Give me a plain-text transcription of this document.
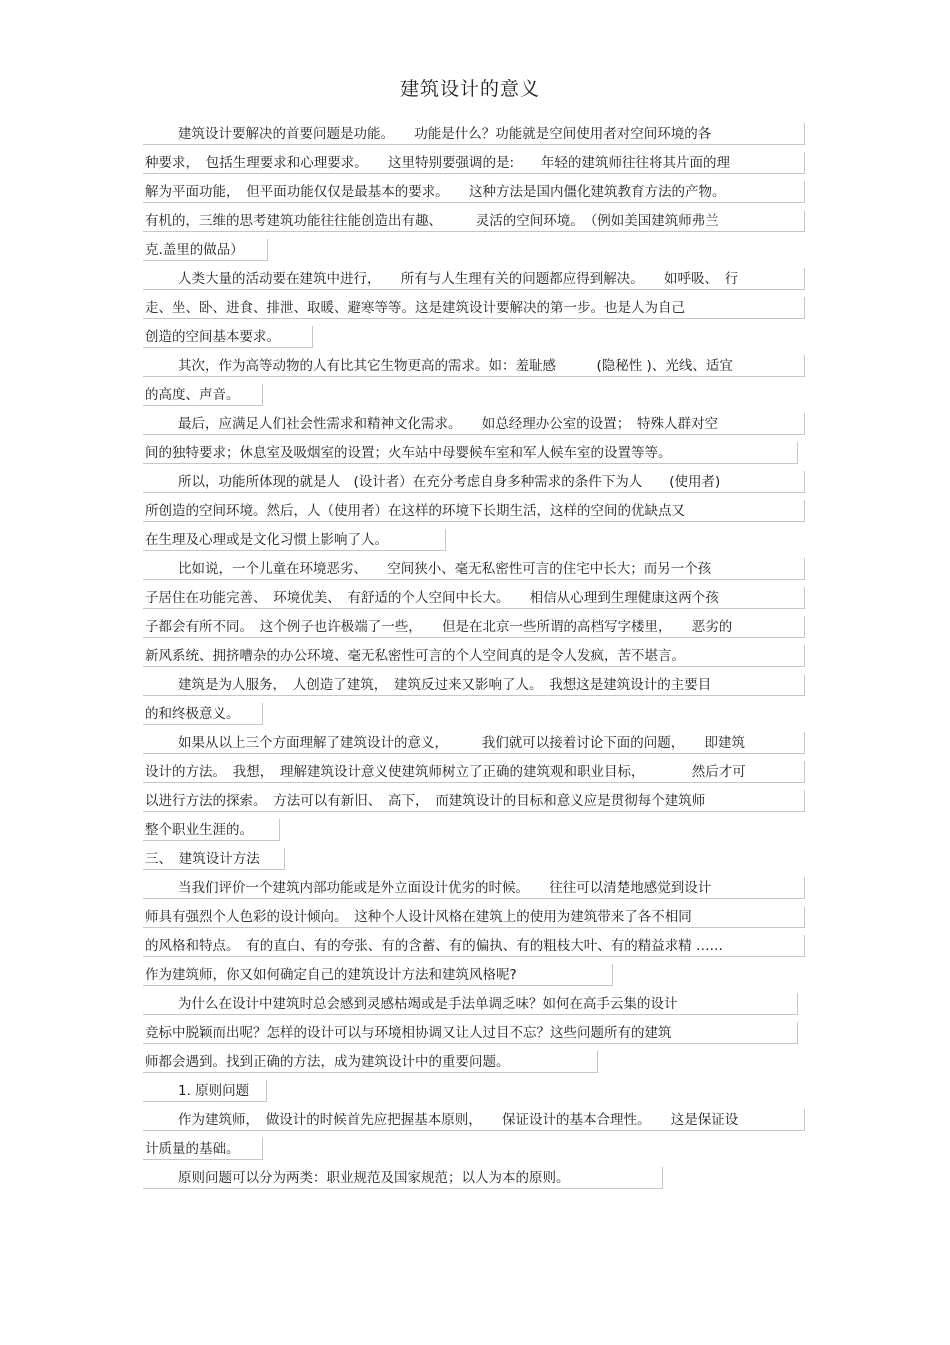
建筑设计的意义
建筑设计要解决的首要问题是功能。　　功能是什么？功能就是空间使用者对空间环境的各
种要求，　包括生理要求和心理要求。　　这里特别要强调的是:　　年轻的建筑师往往将其片面的理
解为平面功能，　但平面功能仅仅是最基本的要求。　　这种方法是国内僵化建筑教育方法的产物。
有机的，三维的思考建筑功能往往能创造出有趣、　　　灵活的空间环境。　（例如美国建筑师弗兰
克.盖里的做品）
人类大量的活动要在建筑中进行，　　所有与人生理有关的问题都应得到解决。　　如呼吸、　行
走、坐、卧、进食、排泄、取暖、避寒等等。这是建筑设计要解决的第一步。也是人为自己
创造的空间基本要求。
其次，作为高等动物的人有比其它生物更高的需求。如：羞耻感　　　(隐秘性 )、光线、适宜
的高度、声音。
最后，应满足人们社会性需求和精神文化需求。　　如总经理办公室的设置；　特殊人群对空
间的独特要求；休息室及吸烟室的设置；火车站中母婴候车室和军人候车室的设置等等。
所以，功能所体现的就是人　(设计者）在充分考虑自身多种需求的条件下为人　　(使用者)
所创造的空间环境。然后，人（使用者）在这样的环境下长期生活，这样的空间的优缺点又
在生理及心理或是文化习惯上影响了人。
比如说，一个儿童在环境恶劣、　　空间狭小、毫无私密性可言的住宅中长大；而另一个孩
子居住在功能完善、　环境优美、　有舒适的个人空间中长大。　　相信从心理到生理健康这两个孩
子都会有所不同。　这个例子也许极端了一些，　　但是在北京一些所谓的高档写字楼里，　　恶劣的
新风系统、拥挤嘈杂的办公环境、毫无私密性可言的个人空间真的是令人发疯，苦不堪言。
建筑是为人服务，　人创造了建筑，　建筑反过来又影响了人。　我想这是建筑设计的主要目
的和终极意义。
如果从以上三个方面理解了建筑设计的意义，　　　我们就可以接着讨论下面的问题，　　即建筑
设计的方法。　我想，　理解建筑设计意义使建筑师树立了正确的建筑观和职业目标，　　　　然后才可
以进行方法的探索。　方法可以有新旧、　高下，　而建筑设计的目标和意义应是贯彻每个建筑师
整个职业生涯的。
三、　建筑设计方法
当我们评价一个建筑内部功能或是外立面设计优劣的时候。　　往往可以清楚地感觉到设计
师具有强烈个人色彩的设计倾向。　这种个人设计风格在建筑上的使用为建筑带来了各不相同
的风格和特点。　有的直白、有的夸张、有的含蓄、有的偏执、有的粗枝大叶、有的精益求精 ……
作为建筑师，你又如何确定自己的建筑设计方法和建筑风格呢?
为什么在设计中建筑时总会感到灵感枯竭或是手法单调乏味？如何在高手云集的设计
竞标中脱颖而出呢？怎样的设计可以与环境相协调又让人过目不忘？这些问题所有的建筑
师都会遇到。找到正确的方法，成为建筑设计中的重要问题。
1. 原则问题
作为建筑师，　做设计的时候首先应把握基本原则，　　保证设计的基本合理性。　　这是保证设
计质量的基础。
原则问题可以分为两类：职业规范及国家规范；以人为本的原则。
